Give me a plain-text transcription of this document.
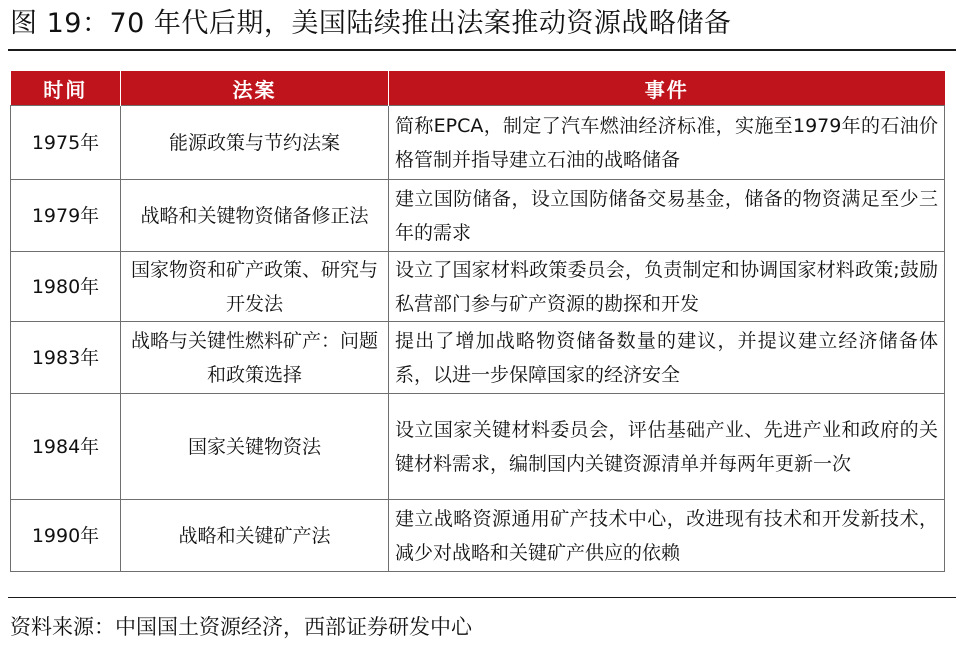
图 19：70 年代后期，美国陆续推出法案推动资源战略储备
时间	法案	事件
1975年	能源政策与节约法案	简称EPCA，制定了汽车燃油经济标准，实施至1979年的石油价格管制并指导建立石油的战略储备
1979年	战略和关键物资储备修正法	建立国防储备，设立国防储备交易基金，储备的物资满足至少三年的需求
1980年	国家物资和矿产政策、研究与开发法	设立了国家材料政策委员会，负责制定和协调国家材料政策;鼓励私营部门参与矿产资源的勘探和开发
1983年	战略与关键性燃料矿产：问题和政策选择	提出了增加战略物资储备数量的建议，并提议建立经济储备体系，以进一步保障国家的经济安全
1984年	国家关键物资法	设立国家关键材料委员会，评估基础产业、先进产业和政府的关键材料需求，编制国内关键资源清单并每两年更新一次
1990年	战略和关键矿产法	建立战略资源通用矿产技术中心，改进现有技术和开发新技术，减少对战略和关键矿产供应的依赖
资料来源：中国国土资源经济，西部证券研发中心
